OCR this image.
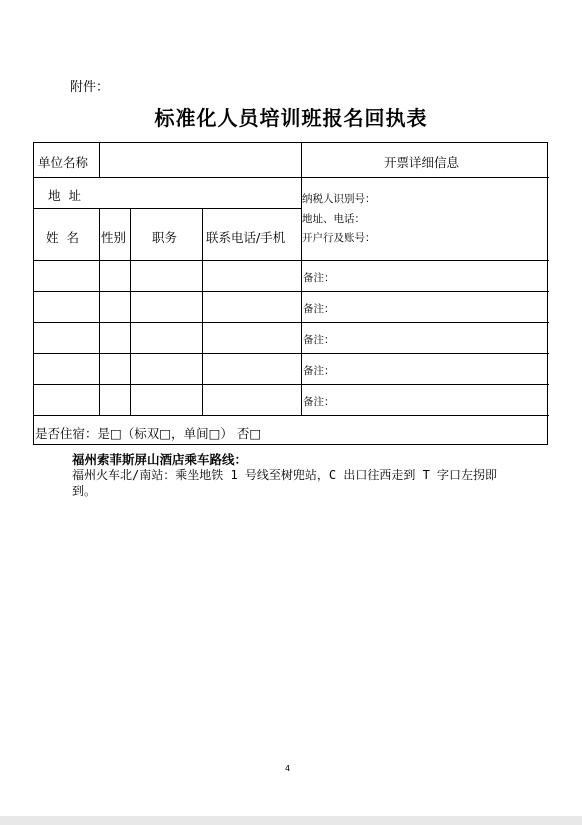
附件：
标准化人员培训班报名回执表
单位名称	开票详细信息
地  址
姓  名 性别 职务 联系电话/手机
纳税人识别号：
地址、电话：
开户行及账号：
备注：
备注：
备注：
备注：
备注：
是否住宿：是□（标双□，单间□） 否□
福州索菲斯屏山酒店乘车路线：
福州火车北/南站：乘坐地铁 1 号线至树兜站，C 出口往西走到 T 字口左拐即到。
4
